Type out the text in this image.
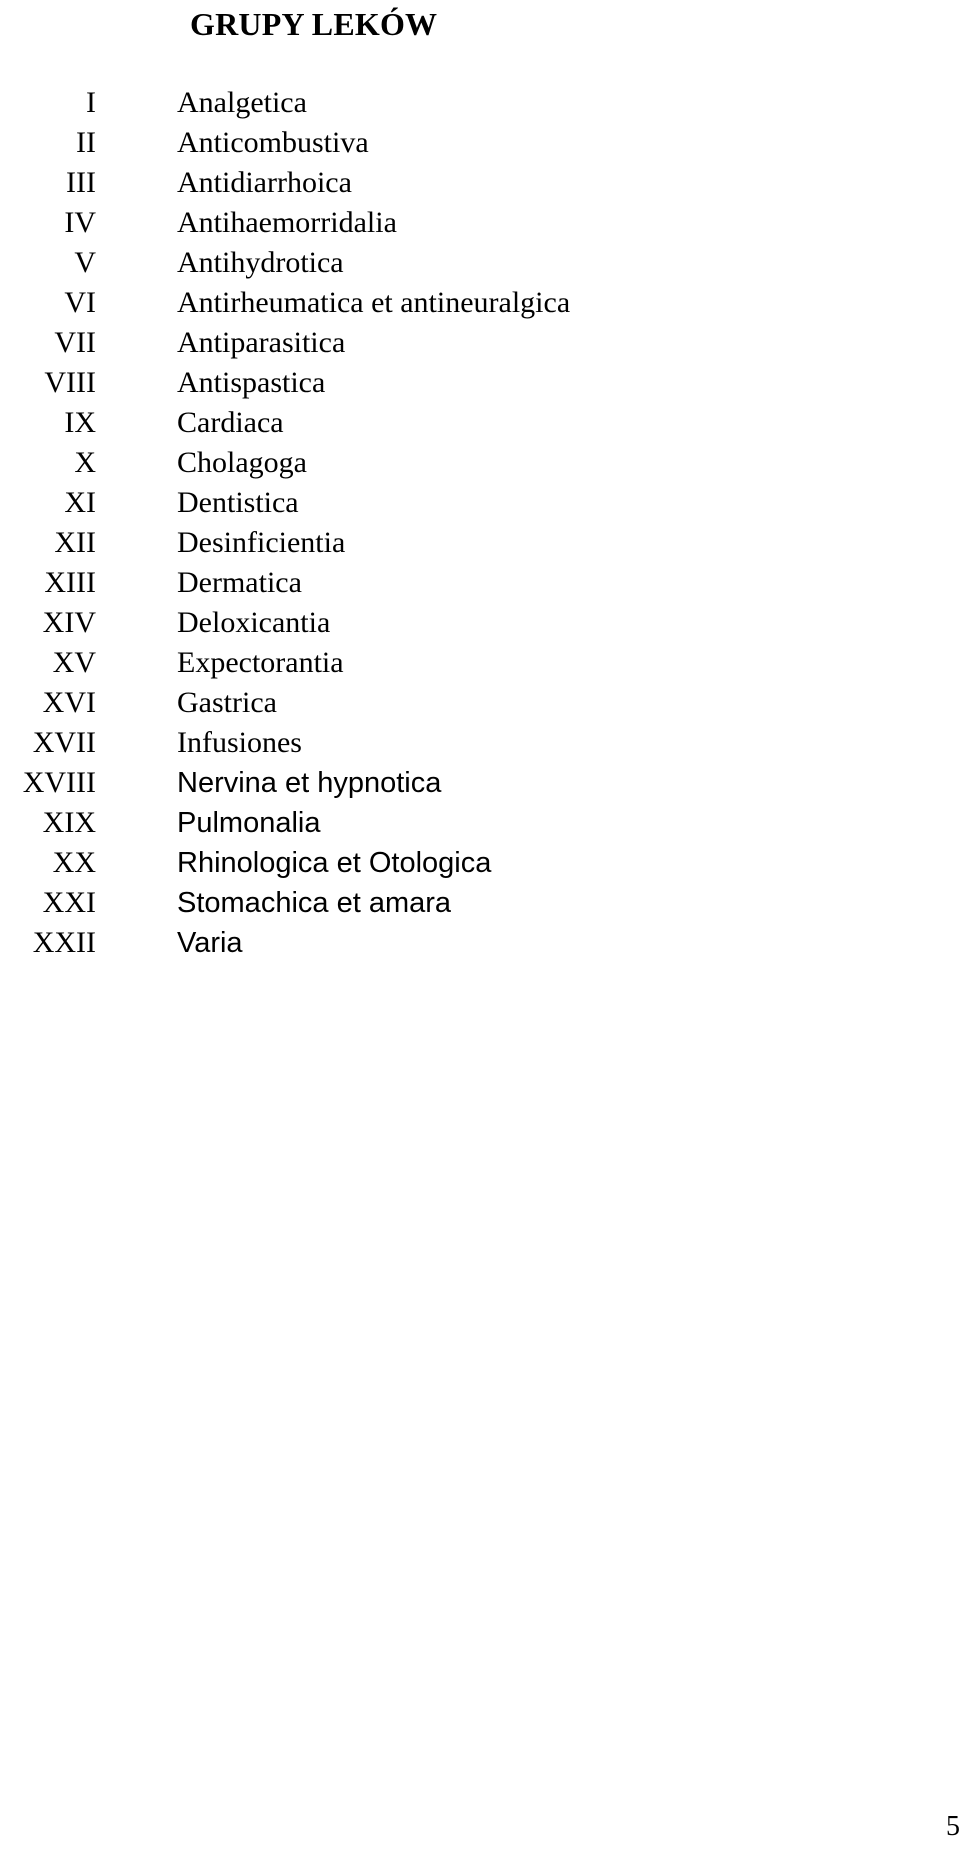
GRUPY LEKÓW
I	Analgetica
II	Anticombustiva
III	Antidiarrhoica
IV	Antihaemorridalia
V	Antihydrotica
VI	Antirheumatica et antineuralgica
VII	Antiparasitica
VIII	Antispastica
IX	Cardiaca
X	Cholagoga
XI	Dentistica
XII	Desinficientia
XIII	Dermatica
XIV	Deloxicantia
XV	Expectorantia
XVI	Gastrica
XVII	Infusiones
XVIII	Nervina et hypnotica
XIX	Pulmonalia
XX	Rhinologica et Otologica
XXI	Stomachica et amara
XXII	Varia
5
